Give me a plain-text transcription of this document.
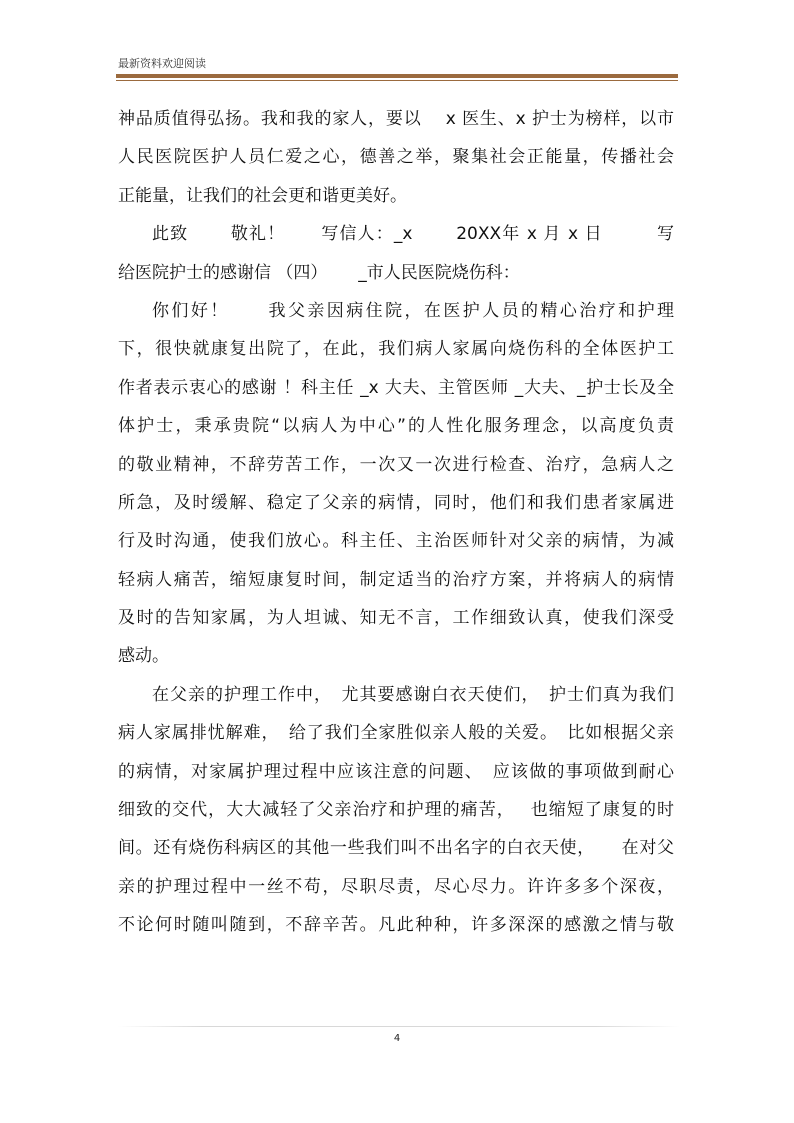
最新资料欢迎阅读
神品质值得弘扬。我和我的家人，要以　 x 医生、x 护士为榜样，以市
人民医院医护人员仁爱之心，德善之举，聚集社会正能量，传播社会
正能量，让我们的社会更和谐更美好。
此致　　 敬礼！　　写信人：_x　　 20XX年 x 月 x 日　　　写
给医院护士的感谢信 （四）　　 _市人民医院烧伤科：
你们好！　　我父亲因病住院，在医护人员的精心治疗和护理
下，很快就康复出院了，在此，我们病人家属向烧伤科的全体医护工
作者表示衷心的感谢 ！科主任 _x 大夫、主管医师 _大夫、_护士长及全
体护士，秉承贵院“以病人为中心”的人性化服务理念，以高度负责
的敬业精神，不辞劳苦工作，一次又一次进行检查、治疗，急病人之
所急，及时缓解、稳定了父亲的病情，同时，他们和我们患者家属进
行及时沟通，使我们放心。科主任、主治医师针对父亲的病情，为减
轻病人痛苦，缩短康复时间，制定适当的治疗方案，并将病人的病情
及时的告知家属，为人坦诚、知无不言，工作细致认真，使我们深受
感动。
在父亲的护理工作中，　尤其要感谢白衣天使们，　护士们真为我们
病人家属排忧解难，　给了我们全家胜似亲人般的关爱。　比如根据父亲
的病情，对家属护理过程中应该注意的问题、　应该做的事项做到耐心
细致的交代，大大减轻了父亲治疗和护理的痛苦，　 也缩短了康复的时
间。还有烧伤科病区的其他一些我们叫不出名字的白衣天使，　　在对父
亲的护理过程中一丝不苟，尽职尽责，尽心尽力。许许多多个深夜，
不论何时随叫随到，不辞辛苦。凡此种种，许多深深的感激之情与敬
4
